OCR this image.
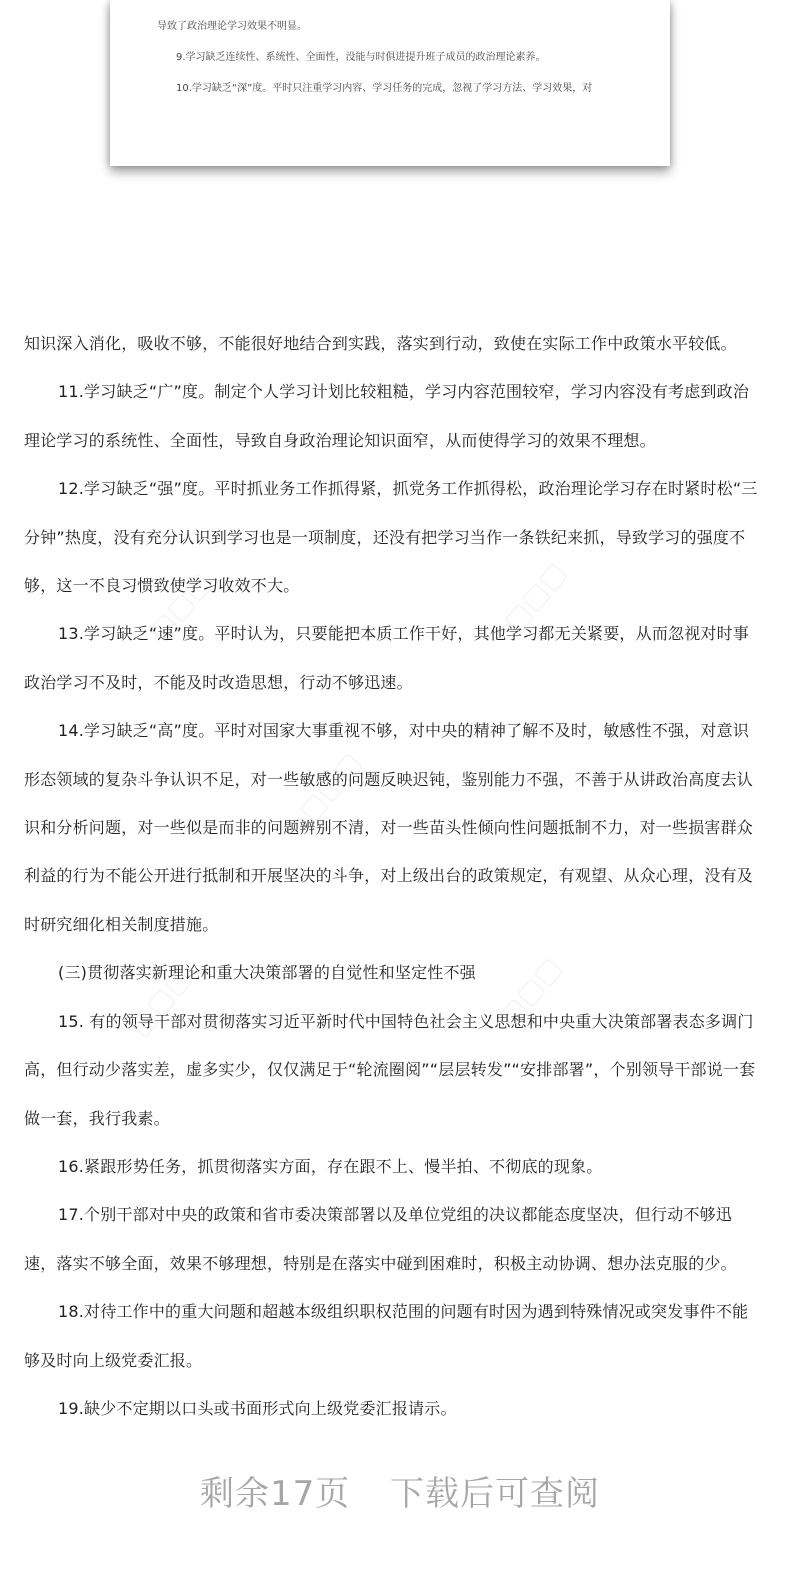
导致了政治理论学习效果不明显。
9.学习缺乏连续性、系统性、全面性，没能与时俱进提升班子成员的政治理论素养。
10.学习缺乏“深”度。平时只注重学习内容、学习任务的完成，忽视了学习方法、学习效果，对

知识深入消化，吸收不够，不能很好地结合到实践，落实到行动，致使在实际工作中政策水平较低。

11.学习缺乏“广”度。制定个人学习计划比较粗糙，学习内容范围较窄，学习内容没有考虑到政治理论学习的系统性、全面性，导致自身政治理论知识面窄，从而使得学习的效果不理想。

12.学习缺乏“强”度。平时抓业务工作抓得紧，抓党务工作抓得松，政治理论学习存在时紧时松“三分钟”热度，没有充分认识到学习也是一项制度，还没有把学习当作一条铁纪来抓，导致学习的强度不够，这一不良习惯致使学习收效不大。

13.学习缺乏“速”度。平时认为，只要能把本质工作干好，其他学习都无关紧要，从而忽视对时事政治学习不及时，不能及时改造思想，行动不够迅速。

14.学习缺乏“高”度。平时对国家大事重视不够，对中央的精神了解不及时，敏感性不强，对意识形态领域的复杂斗争认识不足，对一些敏感的问题反映迟钝，鉴别能力不强，不善于从讲政治高度去认识和分析问题，对一些似是而非的问题辨别不清，对一些苗头性倾向性问题抵制不力，对一些损害群众利益的行为不能公开进行抵制和开展坚决的斗争，对上级出台的政策规定，有观望、从众心理，没有及时研究细化相关制度措施。

(三)贯彻落实新理论和重大决策部署的自觉性和坚定性不强

15. 有的领导干部对贯彻落实习近平新时代中国特色社会主义思想和中央重大决策部署表态多调门高，但行动少落实差，虚多实少，仅仅满足于“轮流圈阅”“层层转发”“安排部署”，个别领导干部说一套做一套，我行我素。

16.紧跟形势任务，抓贯彻落实方面，存在跟不上、慢半拍、不彻底的现象。

17.个别干部对中央的政策和省市委决策部署以及单位党组的决议都能态度坚决，但行动不够迅速，落实不够全面，效果不够理想，特别是在落实中碰到困难时，积极主动协调、想办法克服的少。

18.对待工作中的重大问题和超越本级组织职权范围的问题有时因为遇到特殊情况或突发事件不能够及时向上级党委汇报。

19.缺少不定期以口头或书面形式向上级党委汇报请示。

剩余17页 下载后可查阅
